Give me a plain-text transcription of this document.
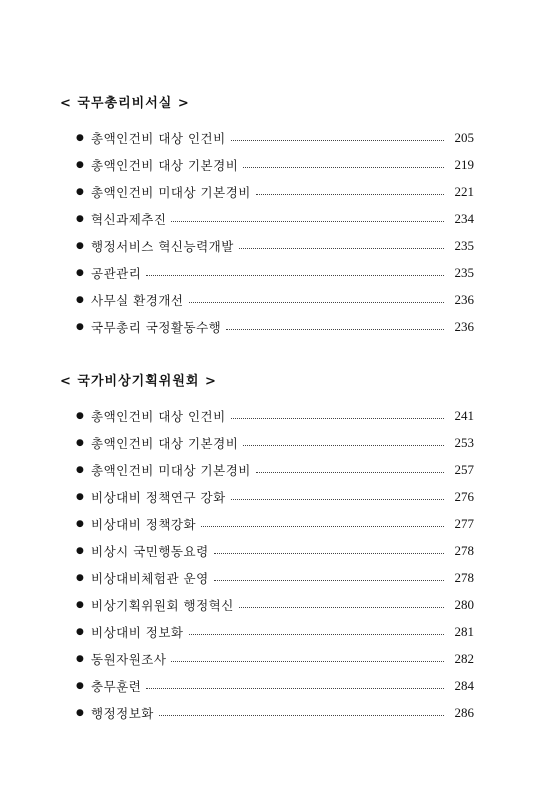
< 국무총리비서실 >
● 총액인건비 대상 인건비	205
● 총액인건비 대상 기본경비	219
● 총액인건비 미대상 기본경비	221
● 혁신과제추진	234
● 행정서비스 혁신능력개발	235
● 공관관리	235
● 사무실 환경개선	236
● 국무총리 국정활동수행	236
< 국가비상기획위원회 >
● 총액인건비 대상 인건비	241
● 총액인건비 대상 기본경비	253
● 총액인건비 미대상 기본경비	257
● 비상대비 정책연구 강화	276
● 비상대비 정책강화	277
● 비상시 국민행동요령	278
● 비상대비체험관 운영	278
● 비상기획위원회 행정혁신	280
● 비상대비 정보화	281
● 동원자원조사	282
● 충무훈련	284
● 행정정보화	286
